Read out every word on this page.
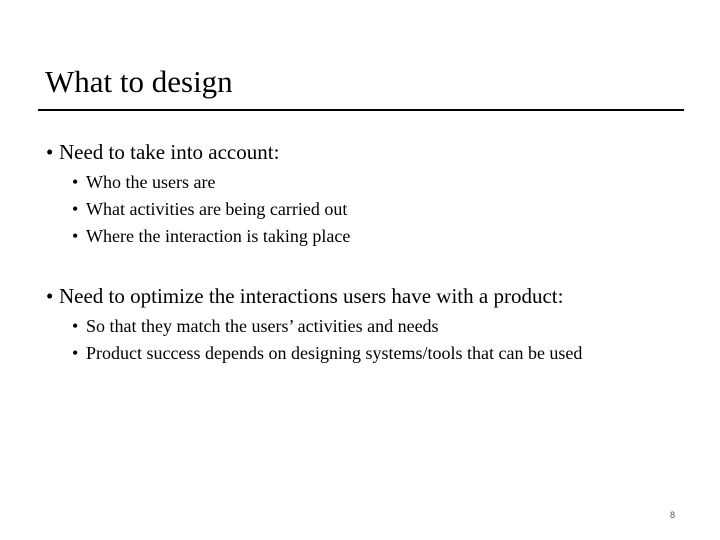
What to design
• Need to take into account:
• Who the users are
• What activities are being carried out
• Where the interaction is taking place
• Need to optimize the interactions users have with a product:
• So that they match the users’ activities and needs
• Product success depends on designing systems/tools that can be used
8
